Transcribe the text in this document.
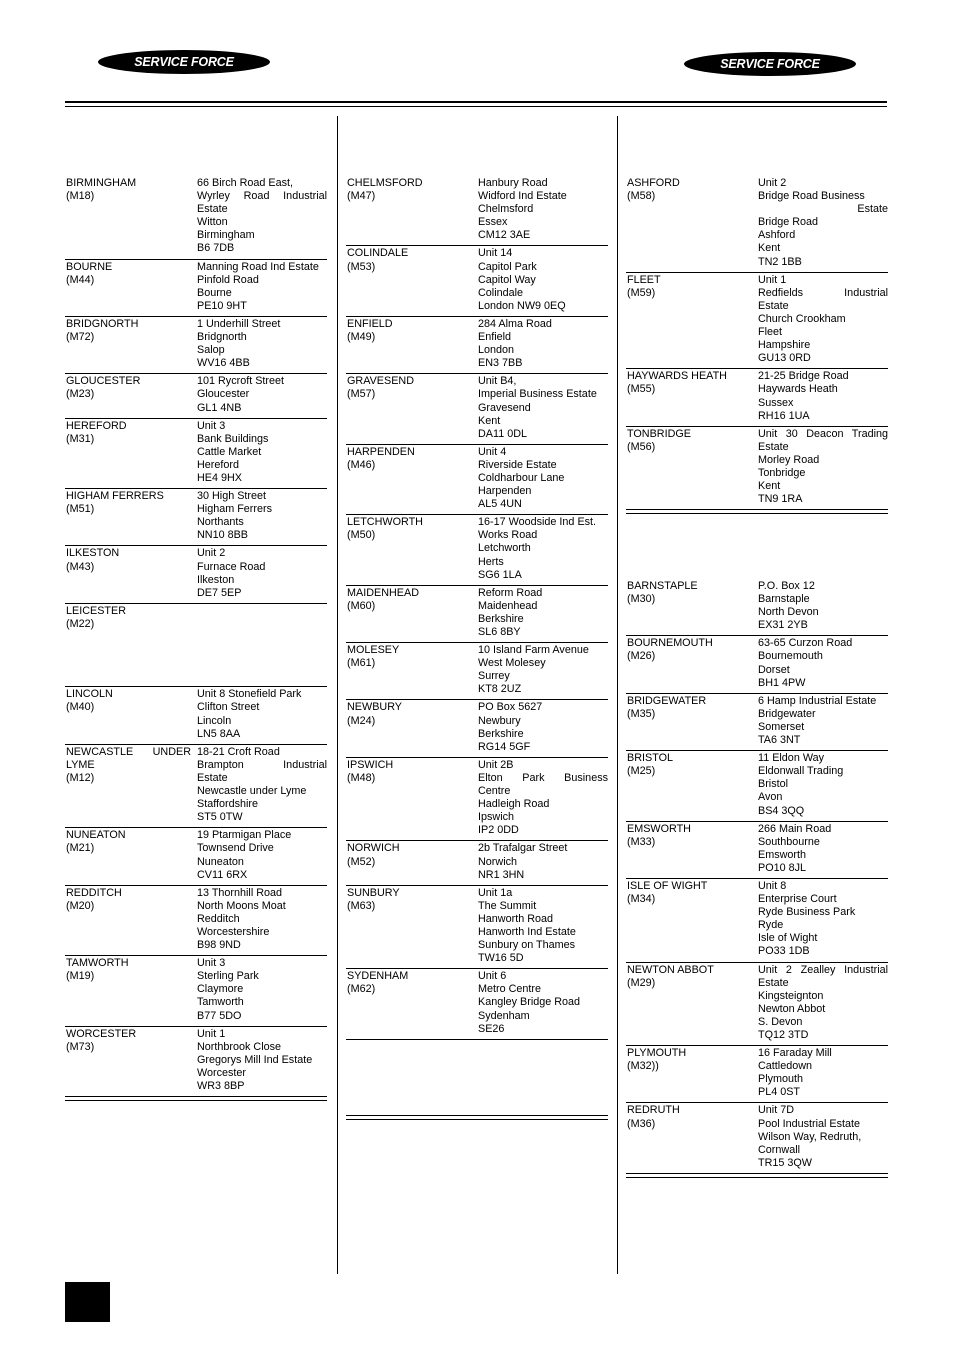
SERVICE FORCE	SERVICE FORCE
BIRMINGHAM
(M18)
66 Birch Road East,
Wyrley Road Industrial
Estate
Witton
Birmingham
B6 7DB
BOURNE
(M44)
Manning Road Ind Estate
Pinfold Road
Bourne
PE10 9HT
BRIDGNORTH
(M72)
1 Underhill Street
Bridgnorth
Salop
WV16 4BB
GLOUCESTER
(M23)
101 Rycroft Street
Gloucester
GL1 4NB
HEREFORD
(M31)
Unit 3
Bank Buildings
Cattle Market
Hereford
HE4 9HX
HIGHAM FERRERS
(M51)
30 High Street
Higham Ferrers
Northants
NN10 8BB
ILKESTON
(M43)
Unit 2
Furnace Road
Ilkeston
DE7 5EP
LEICESTER
(M22)

LINCOLN
(M40)
Unit 8 Stonefield Park
Clifton Street
Lincoln
LN5 8AA
NEWCASTLE UNDER
LYME
(M12)
18-21 Croft Road
Brampton Industrial
Estate
Newcastle under Lyme
Staffordshire
ST5 0TW
NUNEATON
(M21)
19 Ptarmigan Place
Townsend Drive
Nuneaton
CV11 6RX
REDDITCH
(M20)
13 Thornhill Road
North Moons Moat
Redditch
Worcestershire
B98 9ND
TAMWORTH
(M19)
Unit 3
Sterling Park
Claymore
Tamworth
B77 5DO
WORCESTER
(M73)
Unit 1
Northbrook Close
Gregorys Mill Ind Estate
Worcester
WR3 8BP
CHELMSFORD
(M47)
Hanbury Road
Widford Ind Estate
Chelmsford
Essex
CM12 3AE
COLINDALE
(M53)
Unit 14
Capitol Park
Capitol Way
Colindale
London NW9 0EQ
ENFIELD
(M49)
284 Alma Road
Enfield
London
EN3 7BB
GRAVESEND
(M57)
Unit B4,
Imperial Business Estate
Gravesend
Kent
DA11 0DL
HARPENDEN
(M46)
Unit 4
Riverside Estate
Coldharbour Lane
Harpenden
AL5 4UN
LETCHWORTH
(M50)
16-17 Woodside Ind Est.
Works Road
Letchworth
Herts
SG6 1LA
MAIDENHEAD
(M60)
Reform Road
Maidenhead
Berkshire
SL6 8BY
MOLESEY
(M61)
10 Island Farm Avenue
West Molesey
Surrey
KT8 2UZ
NEWBURY
(M24)
PO Box 5627
Newbury
Berkshire
RG14 5GF
IPSWICH
(M48)
Unit 2B
Elton Park Business
Centre
Hadleigh Road
Ipswich
IP2 0DD
NORWICH
(M52)
2b Trafalgar Street
Norwich
NR1 3HN
SUNBURY
(M63)
Unit 1a
The Summit
Hanworth Road
Hanworth Ind Estate
Sunbury on Thames
TW16 5D
SYDENHAM
(M62)
Unit 6
Metro Centre
Kangley Bridge Road
Sydenham
SE26
ASHFORD
(M58)
Unit 2
Bridge Road Business
Estate
Bridge Road
Ashford
Kent
TN2 1BB
FLEET
(M59)
Unit 1
Redfields Industrial
Estate
Church Crookham
Fleet
Hampshire
GU13 0RD
HAYWARDS HEATH
(M55)
21-25 Bridge Road
Haywards Heath
Sussex
RH16 1UA
TONBRIDGE
(M56)
Unit 30 Deacon Trading
Estate
Morley Road
Tonbridge
Kent
TN9 1RA
BARNSTAPLE
(M30)
P.O. Box 12
Barnstaple
North Devon
EX31 2YB
BOURNEMOUTH
(M26)
63-65 Curzon Road
Bournemouth
Dorset
BH1 4PW
BRIDGEWATER
(M35)
6 Hamp Industrial Estate
Bridgewater
Somerset
TA6 3NT
BRISTOL
(M25)
11 Eldon Way
Eldonwall Trading
Bristol
Avon
BS4 3QQ
EMSWORTH
(M33)
266 Main Road
Southbourne
Emsworth
PO10 8JL
ISLE OF WIGHT
(M34)
Unit 8
Enterprise Court
Ryde Business Park
Ryde
Isle of Wight
PO33 1DB
NEWTON ABBOT
(M29)
Unit 2 Zealley Industrial
Estate
Kingsteignton
Newton Abbot
S. Devon
TQ12 3TD
PLYMOUTH
(M32))
16 Faraday Mill
Cattledown
Plymouth
PL4 0ST
REDRUTH
(M36)
Unit 7D
Pool Industrial Estate
Wilson Way, Redruth,
Cornwall
TR15 3QW
